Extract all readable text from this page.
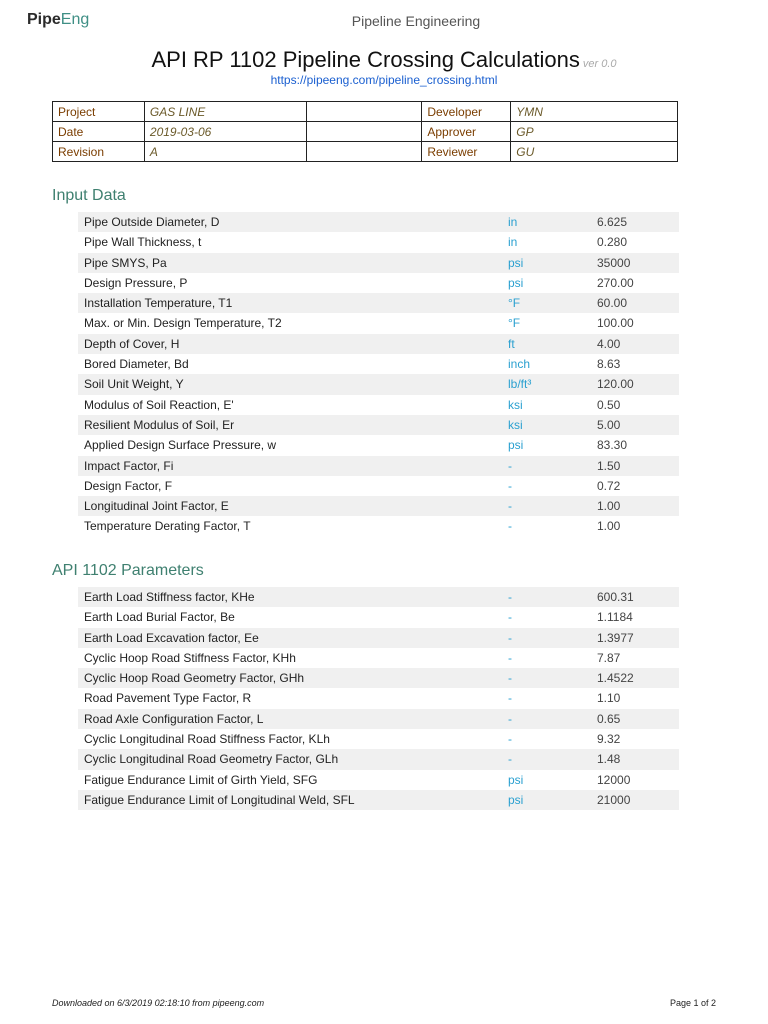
PipeEng	Pipeline Engineering
API RP 1102 Pipeline Crossing Calculations ver 0.0
https://pipeeng.com/pipeline_crossing.html
Project	GAS LINE		Developer	YMN
Date	2019-03-06		Approver	GP
Revision	A		Reviewer	GU
Input Data
Pipe Outside Diameter, D	in	6.625
Pipe Wall Thickness, t	in	0.280
Pipe SMYS, Pa	psi	35000
Design Pressure, P	psi	270.00
Installation Temperature, T1	°F	60.00
Max. or Min. Design Temperature, T2	°F	100.00
Depth of Cover, H	ft	4.00
Bored Diameter, Bd	inch	8.63
Soil Unit Weight, Y	lb/ft³	120.00
Modulus of Soil Reaction, E'	ksi	0.50
Resilient Modulus of Soil, Er	ksi	5.00
Applied Design Surface Pressure, w	psi	83.30
Impact Factor, Fi	-	1.50
Design Factor, F	-	0.72
Longitudinal Joint Factor, E	-	1.00
Temperature Derating Factor, T	-	1.00
API 1102 Parameters
Earth Load Stiffness factor, KHe	-	600.31
Earth Load Burial Factor, Be	-	1.1184
Earth Load Excavation factor, Ee	-	1.3977
Cyclic Hoop Road Stiffness Factor, KHh	-	7.87
Cyclic Hoop Road Geometry Factor, GHh	-	1.4522
Road Pavement Type Factor, R	-	1.10
Road Axle Configuration Factor, L	-	0.65
Cyclic Longitudinal Road Stiffness Factor, KLh	-	9.32
Cyclic Longitudinal Road Geometry Factor, GLh	-	1.48
Fatigue Endurance Limit of Girth Yield, SFG	psi	12000
Fatigue Endurance Limit of Longitudinal Weld, SFL	psi	21000
Downloaded on 6/3/2019 02:18:10 from pipeeng.com	Page 1 of 2
